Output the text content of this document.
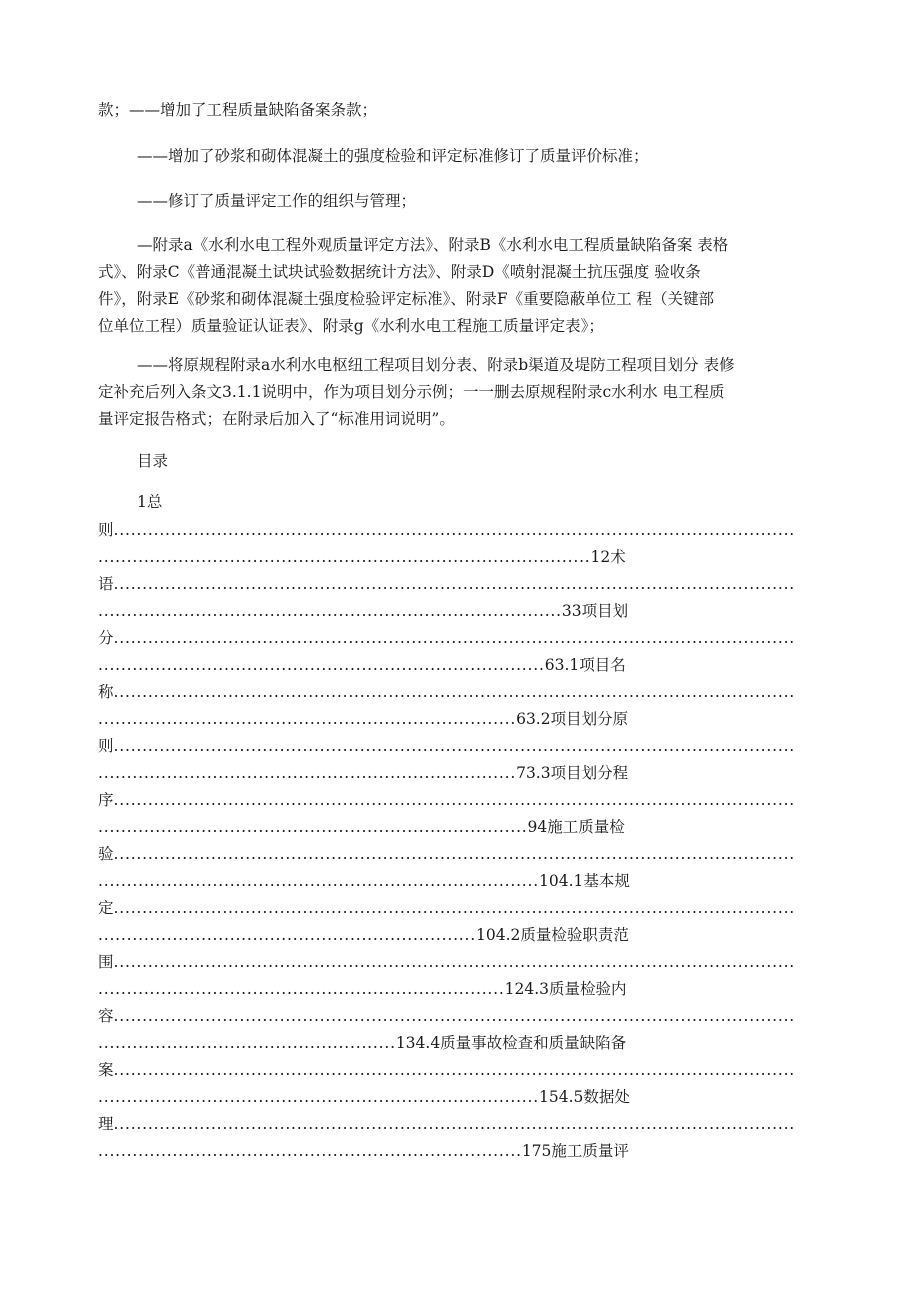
款；——增加了工程质量缺陷备案条款；
——增加了砂浆和砌体混凝土的强度检验和评定标准修订了质量评价标准；
——修订了质量评定工作的组织与管理；
—附录a《水利水电工程外观质量评定方法》、附录B《水利水电工程质量缺陷备案 表格
式》、附录C《普通混凝土试块试验数据统计方法》、附录D《喷射混凝土抗压强度 验收条
件》，附录E《砂浆和砌体混凝土强度检验评定标准》、附录F《重要隐蔽单位工 程（关键部
位单位工程）质量验证认证表》、附录g《水利水电工程施工质量评定表》；
——将原规程附录a水利水电枢纽工程项目划分表、附录b渠道及堤防工程项目划分 表修
定补充后列入条文3.1.1说明中，作为项目划分示例；一一删去原规程附录c水利水 电工程质
量评定报告格式；在附录后加入了“标准用词说明”。
目录
1总
则.......................................................................................................................
......................................................................................12术
语.......................................................................................................................
.................................................................................33项目划
分.......................................................................................................................
..............................................................................63.1项目名
称.......................................................................................................................
.........................................................................63.2项目划分原
则.......................................................................................................................
.........................................................................73.3项目划分程
序.......................................................................................................................
...........................................................................94施工质量检
验.......................................................................................................................
.............................................................................104.1基本规
定.......................................................................................................................
..................................................................104.2质量检验职责范
围.......................................................................................................................
.......................................................................124.3质量检验内
容.......................................................................................................................
....................................................134.4质量事故检查和质量缺陷备
案.......................................................................................................................
.............................................................................154.5数据处
理.......................................................................................................................
..........................................................................175施工质量评
